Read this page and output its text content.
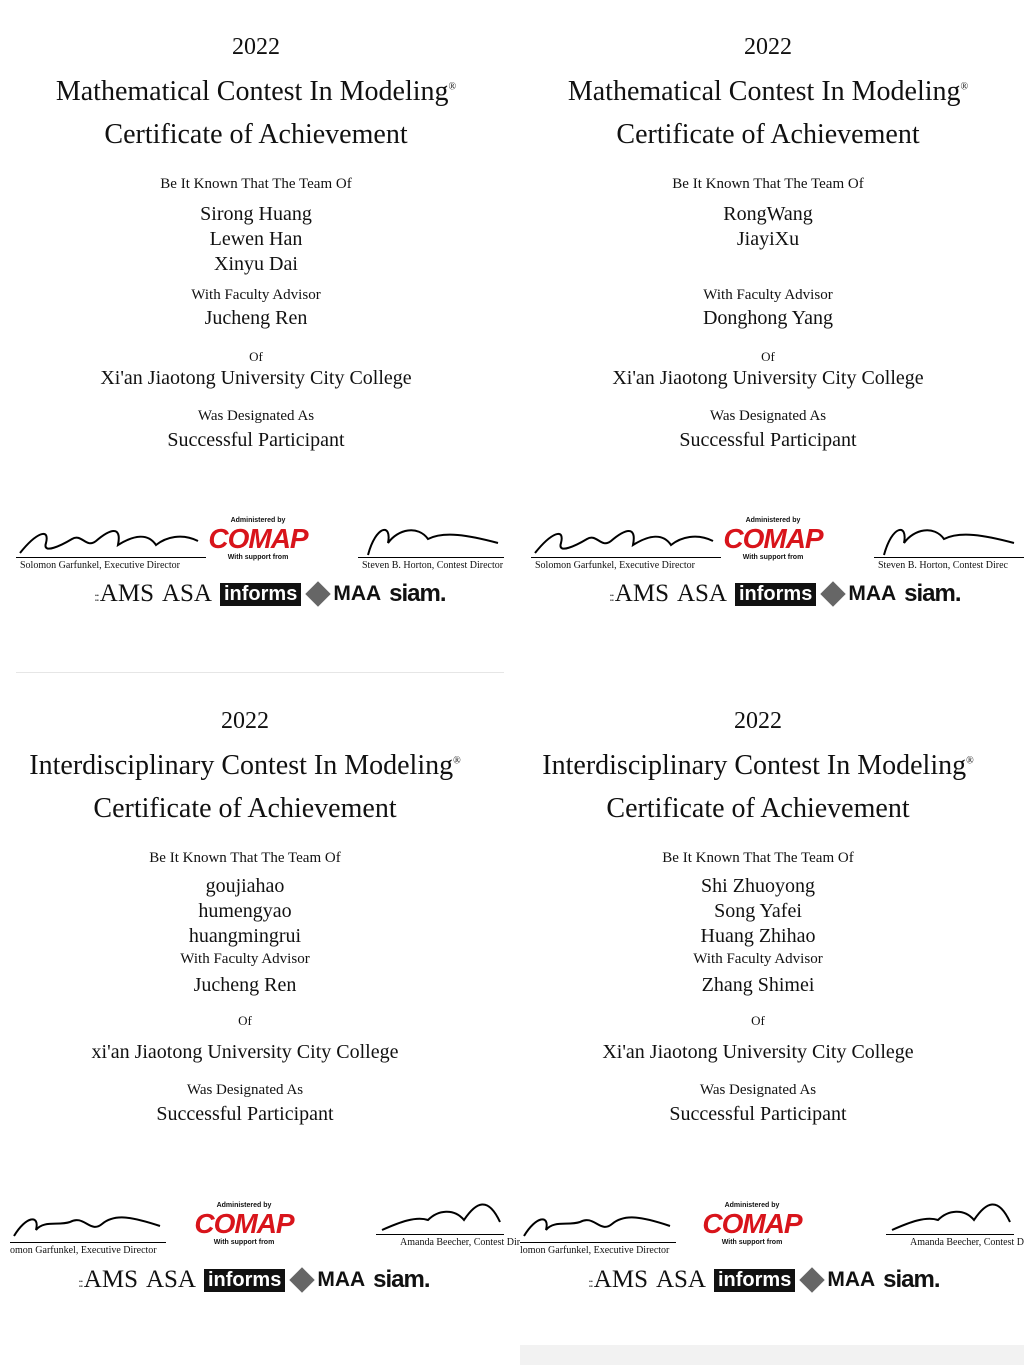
2022
Mathematical Contest In Modeling®
Certificate of Achievement
Be It Known That The Team Of
Sirong Huang
Lewen Han
Xinyu Dai
With Faculty Advisor
Jucheng Ren
Of
Xi'an Jiaotong University City College
Was Designated As
Successful Participant
Solomon Garfunkel, Executive Director
Administered by
COMAP
With support from
Steven B. Horton, Contest Director
::AMS ASA informs MAA siam.
2022
Mathematical Contest In Modeling®
Certificate of Achievement
Be It Known That The Team Of
RongWang
JiayiXu
With Faculty Advisor
Donghong Yang
Of
Xi'an Jiaotong University City College
Was Designated As
Successful Participant
Solomon Garfunkel, Executive Director
Administered by
COMAP
With support from
Steven B. Horton, Contest Direc
::AMS ASA informs MAA siam.
2022
Interdisciplinary Contest In Modeling®
Certificate of Achievement
Be It Known That The Team Of
goujiahao
humengyao
huangmingrui
With Faculty Advisor
Jucheng Ren
Of
xi'an Jiaotong University City College
Was Designated As
Successful Participant
omon Garfunkel, Executive Director
Administered by
COMAP
With support from	Amanda Beecher, Contest Dir
::AMS ASA informs MAA siam.
2022
Interdisciplinary Contest In Modeling®
Certificate of Achievement
Be It Known That The Team Of
Shi Zhuoyong
Song Yafei
Huang Zhihao
With Faculty Advisor
Zhang Shimei
Of
Xi'an Jiaotong University City College
Was Designated As
Successful Participant
lomon Garfunkel, Executive Director
Administered by
COMAP
With support from	Amanda Beecher, Contest D
::AMS ASA informs MAA siam.
